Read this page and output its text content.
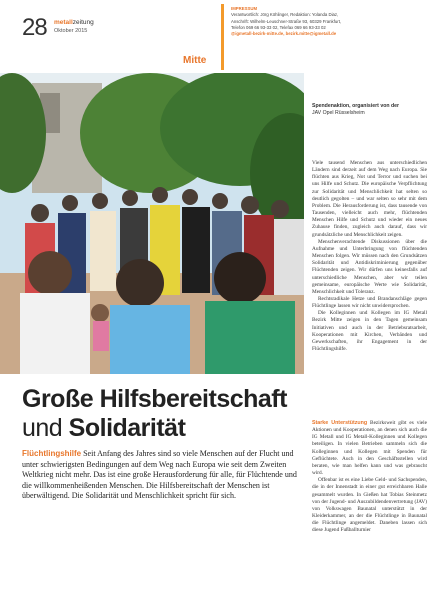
28 metallzeitung
Oktober 2015
Mitte
IMPRESSUM
Verantwortlich: Jörg Köhlinger, Redaktion: Yolanda Diaz,
Anschrift: Wilhelm-Leuschner-Straße 93, 60329 Frankfurt,
Telefon 069 66 93-33 02, Telefax 069 66 93-33 02
@igmetall-bezirk-mitte.de, bezirk.mitte@igmetall.de
Spendenaktion, organisiert von der
JAV Opel Rüsselsheim

Viele tausend Menschen aus unterschiedlichen Ländern sind derzeit auf dem Weg nach Europa. Sie flüchten aus Krieg, Not und Terror und suchen bei uns Hilfe und Schutz. Die europäische Verpflichtung zur Solidarität und Menschlichkeit hat selten so deutlich gegolten – und war selten so sehr mit dem Problem. Die Herausforderung ist, dass tausende von Tausenden, vielleicht auch mehr, flüchtenden Menschen Hilfe und Schutz und wieder ein neues Zuhause finden, zugleich auch darauf, dass wir grundsätzliche und Menschlichkeit zeigen.

Menschenverachtende Diskussionen über die Aufnahme und Unterbringung von flüchtenden Menschen folgen. Wir müssen nach den Grundsätzen Solidarität und Antidiskriminierung gegenüber Flüchtenden zeigen. Wir dürfen uns keinesfalls auf unterschiedliche Menschen, aber wir teilen gemeinsame, europäische Werte wie Solidarität, Menschlichkeit und Toleranz.

Rechtsradikale Hetze und Brandanschläge gegen Flüchtlinge lassen wir nicht unwidersprochen.

Die Kolleginnen und Kollegen im IG Metall Bezirk Mitte zeigen in den Tagen gemeinsam Initiativen und auch in der Betriebsratsarbeit, Kooperationen mit Kirchen, Verbänden und Gewerkschaften, ihr Engagement in der Flüchtlingshilfe.

Starke Unterstützung Bezirksweit gibt es viele Aktionen und Kooperationen, an denen sich auch die IG Metall und IG Metall-Kolleginnen und Kollegen beteiligen. In vielen Betrieben sammeln sich die Kolleginnen und Kollegen mit Spenden für Geflüchtete. Auch in den Geschäftsstellen wird beraten, wie man helfen kann und was gebraucht wird.

Offenbar ist es eine Liebe Geld- und Sachspenden, die in der Innenstadt in einer gut erreichbaren Halle gesammelt wurden. In Gießen hat Tobias Steinmetz von der Jugend- und Auszubildendenvertretung (JAV) von Volkswagen Baunatal unterstützt in der Kleiderkammer, an der die Flüchtlinge in Baunatal die Flüchtlinge angemeldet. Daneben lassen sich diese Jugend Fußballturnier

Große Hilfsbereitschaft
und Solidarität
Flüchtlingshilfe Seit Anfang des Jahres sind so viele Menschen auf der Flucht und unter schwierigsten Bedingungen auf dem Weg nach Europa wie seit dem Zweiten Weltkrieg nicht mehr. Das ist eine große Herausforderung für alle, für Flüchtende und die willkommenheißenden Menschen. Die Hilfsbereitschaft der Menschen ist überwältigend. Die Solidarität und Menschlichkeit spricht für sich.
